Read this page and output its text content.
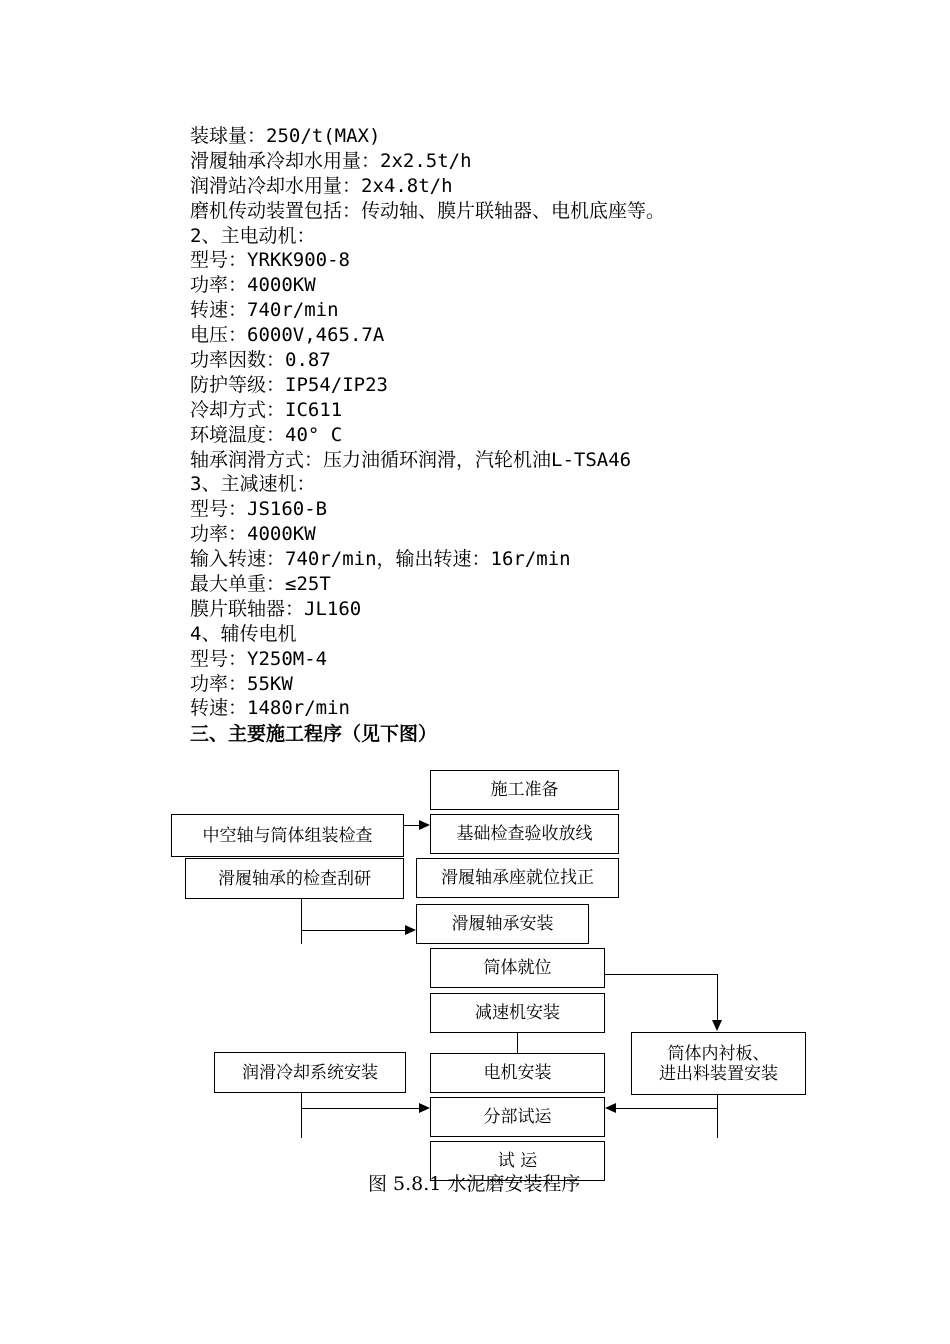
装球量：250/t(MAX)
滑履轴承冷却水用量：2x2.5t/h
润滑站冷却水用量：2x4.8t/h
磨机传动装置包括：传动轴、膜片联轴器、电机底座等。
2、主电动机：
型号：YRKK900-8
功率：4000KW
转速：740r/min
电压：6000V,465.7A
功率因数：0.87
防护等级：IP54/IP23
冷却方式：IC611
环境温度：40° C
轴承润滑方式：压力油循环润滑，汽轮机油L-TSA46
3、主减速机：
型号：JS160-B
功率：4000KW
输入转速：740r/min，输出转速：16r/min
最大单重：≤25T
膜片联轴器：JL160
4、辅传电机
型号：Y250M-4
功率：55KW
转速：1480r/min
三、主要施工程序（见下图）
施工准备
基础检查验收放线
滑履轴承座就位找正
滑履轴承安装
筒体就位
减速机安装
电机安装
分部试运
试 运
中空轴与筒体组装检查
滑履轴承的检查刮研
润滑冷却系统安装
筒体内衬板、
进出料装置安装
图 5.8.1 水泥磨安装程序
